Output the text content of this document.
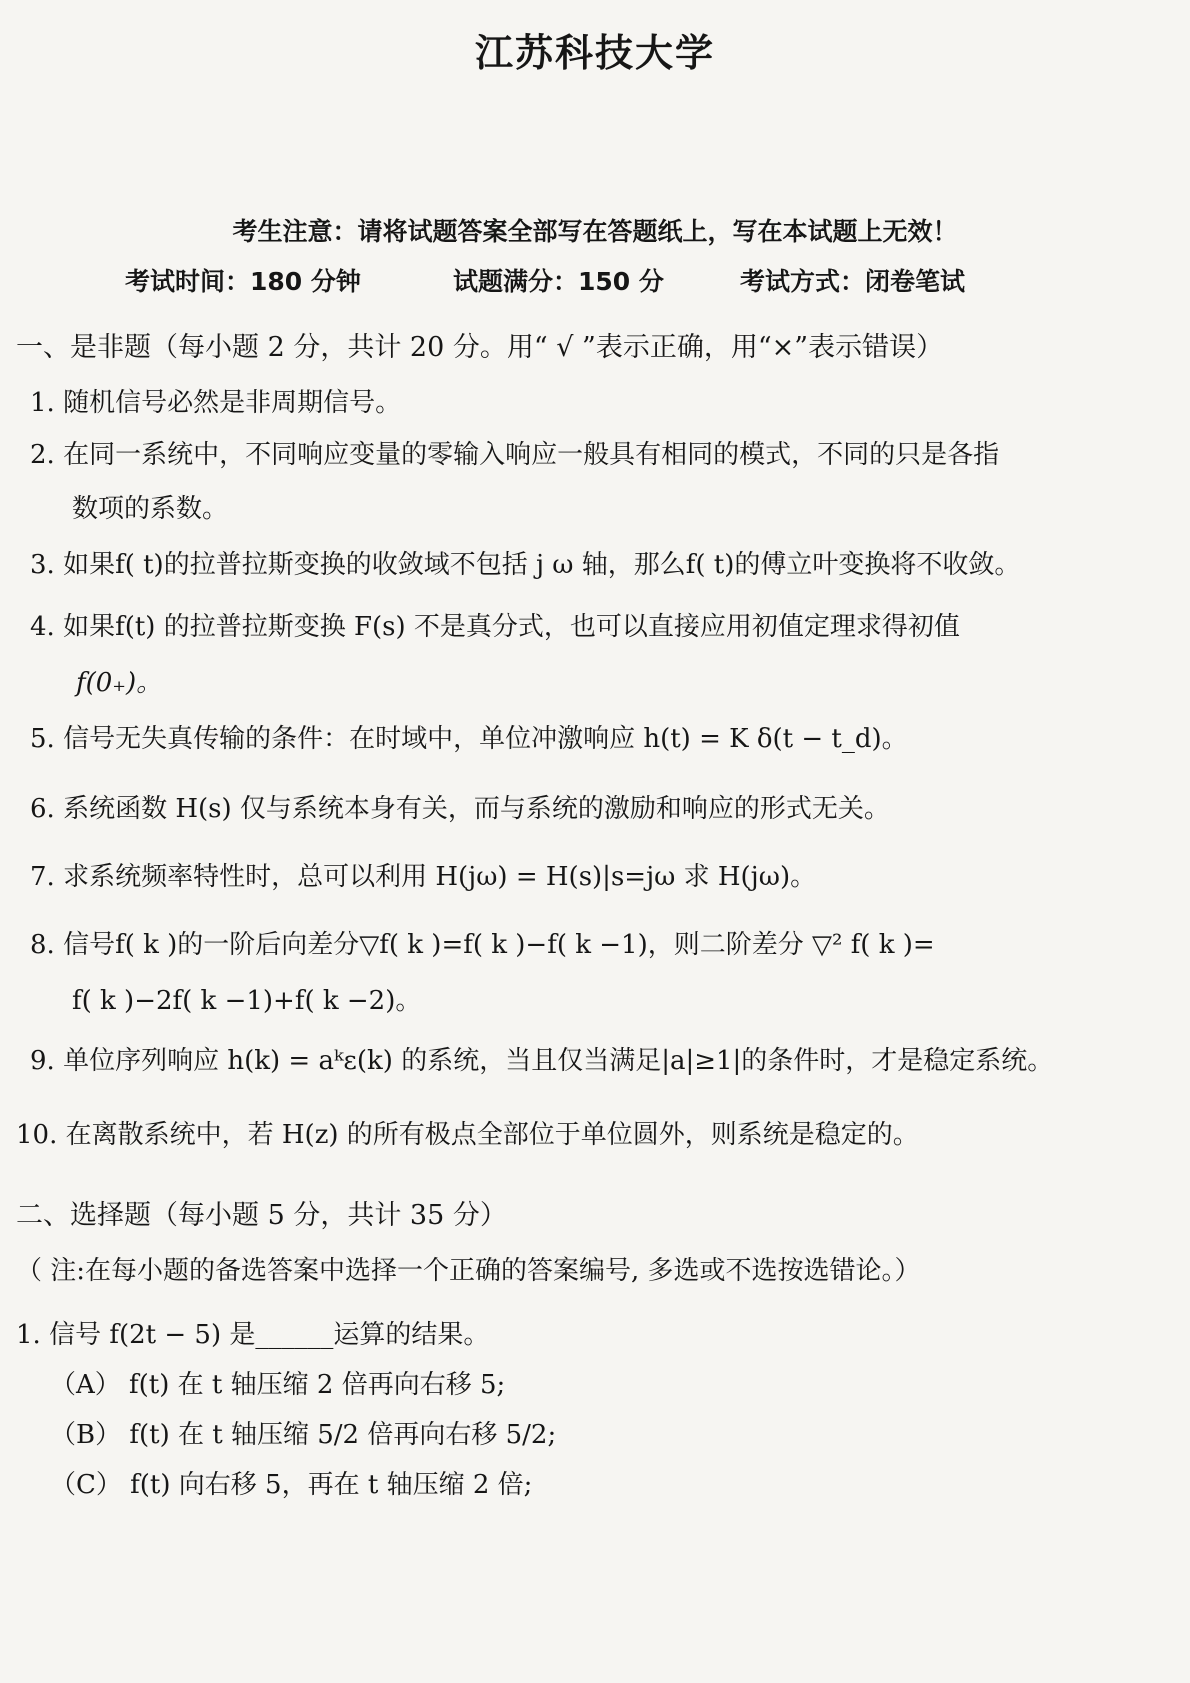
江苏科技大学
考生注意：请将试题答案全部写在答题纸上，写在本试题上无效！
考试时间：180 分钟	试题满分：150 分	考试方式：闭卷笔试
一、是非题（每小题 2 分，共计 20 分。用“ √ ”表示正确，用“×”表示错误）
1. 随机信号必然是非周期信号。
2. 在同一系统中，不同响应变量的零输入响应一般具有相同的模式，不同的只是各指
数项的系数。
3. 如果f( t)的拉普拉斯变换的收敛域不包括 j ω 轴，那么f( t)的傅立叶变换将不收敛。
4. 如果f(t) 的拉普拉斯变换 F(s) 不是真分式，也可以直接应用初值定理求得初值
f(0₊)。
5. 信号无失真传输的条件：在时域中，单位冲激响应 h(t) = K δ(t − t_d)。
6. 系统函数 H(s) 仅与系统本身有关，而与系统的激励和响应的形式无关。
7. 求系统频率特性时，总可以利用 H(jω) = H(s)|s=jω 求 H(jω)。
8. 信号f( k )的一阶后向差分▽f( k )=f( k )−f( k −1)，则二阶差分 ▽² f( k )=
f( k )−2f( k −1)+f( k −2)。
9. 单位序列响应 h(k) = aᵏε(k) 的系统，当且仅当满足|a|≥1|的条件时，才是稳定系统。
10. 在离散系统中，若 H(z) 的所有极点全部位于单位圆外，则系统是稳定的。
二、选择题（每小题 5 分，共计 35 分）
（ 注:在每小题的备选答案中选择一个正确的答案编号, 多选或不选按选错论。）
1. 信号 f(2t − 5) 是______运算的结果。
（A） f(t) 在 t 轴压缩 2 倍再向右移 5;
（B） f(t) 在 t 轴压缩 5/2 倍再向右移 5/2;
（C） f(t) 向右移 5，再在 t 轴压缩 2 倍;
